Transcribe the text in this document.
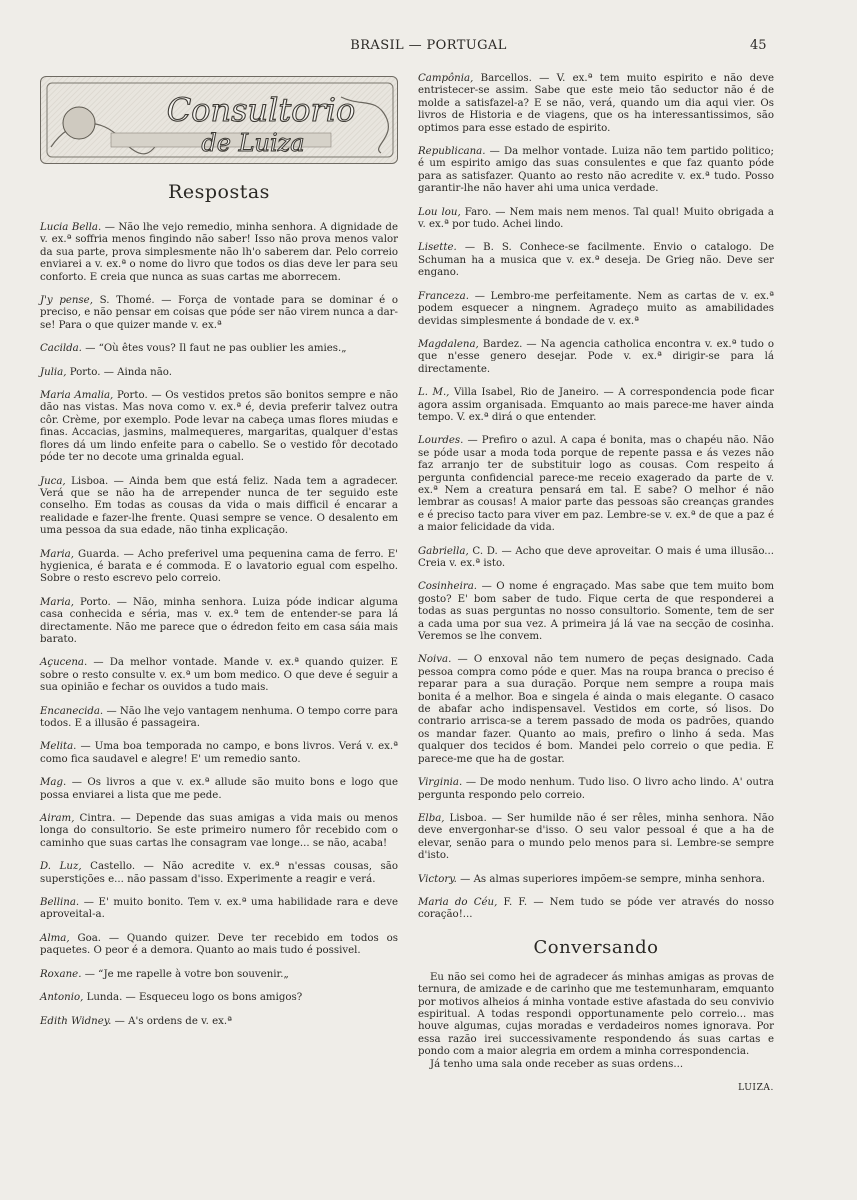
BRASIL — PORTUGAL	45
Consultorio
de Luiza
Respostas

Lucia Bella. — Não lhe vejo remedio, minha senhora. A dignidade de v. ex.ª soffria menos fingindo não saber! Isso não prova menos valor da sua parte, prova simplesmente não lh'o saberem dar. Pelo correio enviarei a v. ex.ª o nome do livro que todos os dias deve ler para seu conforto. E creia que nunca as suas cartas me aborrecem.

J'y pense, S. Thomé. — Força de vontade para se dominar é o preciso, e não pensar em coisas que póde ser não virem nunca a dar-se! Para o que quizer mande v. ex.ª

Cacilda. — “Où êtes vous? Il faut ne pas oublier les amies.„

Julia, Porto. — Ainda não.

Maria Amalia, Porto. — Os vestidos pretos são bonitos sempre e não dão nas vistas. Mas nova como v. ex.ª é, devia preferir talvez outra côr. Crème, por exemplo. Pode levar na cabeça umas flores miudas e finas. Accacias, jasmins, malmequeres, margaritas, qualquer d'estas flores dá um lindo enfeite para o cabello. Se o vestido fôr decotado póde ter no decote uma grinalda egual.

Juca, Lisboa. — Ainda bem que está feliz. Nada tem a agradecer. Verá que se não ha de arrepender nunca de ter seguido este conselho. Em todas as cousas da vida o mais difficil é encarar a realidade e fazer-lhe frente. Quasi sempre se vence. O desalento em uma pessoa da sua edade, não tinha explicação.

Maria, Guarda. — Acho preferivel uma pequenina cama de ferro. E' hygienica, é barata e é commoda. E o lavatorio egual com espelho. Sobre o resto escrevo pelo correio.

Maria, Porto. — Não, minha senhora. Luiza póde indicar alguma casa conhecida e séria, mas v. ex.ª tem de entender-se para lá directamente. Não me parece que o édredon feito em casa sáia mais barato.

Açucena. — Da melhor vontade. Mande v. ex.ª quando quizer. E sobre o resto consulte v. ex.ª um bom medico. O que deve é seguir a sua opinião e fechar os ouvidos a tudo mais.

Encanecida. — Não lhe vejo vantagem nenhuma. O tempo corre para todos. E a illusão é passageira.

Melita. — Uma boa temporada no campo, e bons livros. Verá v. ex.ª como fica saudavel e alegre! E' um remedio santo.

Mag. — Os livros a que v. ex.ª allude são muito bons e logo que possa enviarei a lista que me pede.

Airam, Cintra. — Depende das suas amigas a vida mais ou menos longa do consultorio. Se este primeiro numero fôr recebido com o caminho que suas cartas lhe consagram vae longe... se não, acaba!

D. Luz, Castello. — Não acredite v. ex.ª n'essas cousas, são superstições e... não passam d'isso. Experimente a reagir e verá.

Bellina. — E' muito bonito. Tem v. ex.ª uma habilidade rara e deve aproveital-a.

Alma, Goa. — Quando quizer. Deve ter recebido em todos os paquetes. O peor é a demora. Quanto ao mais tudo é possivel.

Roxane. — “Je me rapelle à votre bon souvenir.„

Antonio, Lunda. — Esqueceu logo os bons amigos?

Edith Widney. — A's ordens de v. ex.ª

Campônia, Barcellos. — V. ex.ª tem muito espirito e não deve entristecer-se assim. Sabe que este meio tão seductor não é de molde a satisfazel-a? E se não, verá, quando um dia aqui vier. Os livros de Historia e de viagens, que os ha interessantissimos, são optimos para esse estado de espirito.

Republicana. — Da melhor vontade. Luiza não tem partido politico; é um espirito amigo das suas consulentes e que faz quanto póde para as satisfazer. Quanto ao resto não acredite v. ex.ª tudo. Posso garantir-lhe não haver ahi uma unica verdade.

Lou lou, Faro. — Nem mais nem menos. Tal qual! Muito obrigada a v. ex.ª por tudo. Achei lindo.

Lisette. — B. S. Conhece-se facilmente. Envio o catalogo. De Schuman ha a musica que v. ex.ª deseja. De Grieg não. Deve ser engano.

Franceza. — Lembro-me perfeitamente. Nem as cartas de v. ex.ª podem esquecer a ningnem. Agradeço muito as amabilidades devidas simplesmente á bondade de v. ex.ª

Magdalena, Bardez. — Na agencia catholica encontra v. ex.ª tudo o que n'esse genero desejar. Pode v. ex.ª dirigir-se para lá directamente.

L. M., Villa Isabel, Rio de Janeiro. — A correspondencia pode ficar agora assim organisada. Emquanto ao mais parece-me haver ainda tempo. V. ex.ª dirá o que entender.

Lourdes. — Prefiro o azul. A capa é bonita, mas o chapéu não. Não se póde usar a moda toda porque de repente passa e ás vezes não faz arranjo ter de substituir logo as cousas. Com respeito á pergunta confidencial parece-me receio exagerado da parte de v. ex.ª Nem a creatura pensará em tal. E sabe? O melhor é não lembrar as cousas! A maior parte das pessoas são creanças grandes e é preciso tacto para viver em paz. Lembre-se v. ex.ª de que a paz é a maior felicidade da vida.

Gabriella, C. D. — Acho que deve aproveitar. O mais é uma illusão... Creia v. ex.ª isto.

Cosinheira. — O nome é engraçado. Mas sabe que tem muito bom gosto? E' bom saber de tudo. Fique certa de que responderei a todas as suas perguntas no nosso consultorio. Somente, tem de ser a cada uma por sua vez. A primeira já lá vae na secção de cosinha. Veremos se lhe convem.

Noiva. — O enxoval não tem numero de peças designado. Cada pessoa compra como póde e quer. Mas na roupa branca o preciso é reparar para a sua duração. Porque nem sempre a roupa mais bonita é a melhor. Boa e singela é ainda o mais elegante. O casaco de abafar acho indispensavel. Vestidos em corte, só lisos. Do contrario arrisca-se a terem passado de moda os padrões, quando os mandar fazer. Quanto ao mais, prefiro o linho á seda. Mas qualquer dos tecidos é bom. Mandei pelo correio o que pedia. E parece-me que ha de gostar.

Virginia. — De modo nenhum. Tudo liso. O livro acho lindo. A' outra pergunta respondo pelo correio.

Elba, Lisboa. — Ser humilde não é ser rêles, minha senhora. Não deve envergonhar-se d'isso. O seu valor pessoal é que a ha de elevar, senão para o mundo pelo menos para si. Lembre-se sempre d'isto.

Victory. — As almas superiores impõem-se sempre, minha senhora.

Maria do Céu, F. F. — Nem tudo se póde ver através do nosso coração!...

Conversando

Eu não sei como hei de agradecer ás minhas amigas as provas de ternura, de amizade e de carinho que me testemunharam, emquanto por motivos alheios á minha vontade estive afastada do seu convivio espiritual. A todas respondi opportunamente pelo correio... mas houve algumas, cujas moradas e verdadeiros nomes ignorava. Por essa razão irei successivamente respondendo ás suas cartas e pondo com a maior alegria em ordem a minha correspondencia.

Já tenho uma sala onde receber as suas ordens...

LUIZA.
